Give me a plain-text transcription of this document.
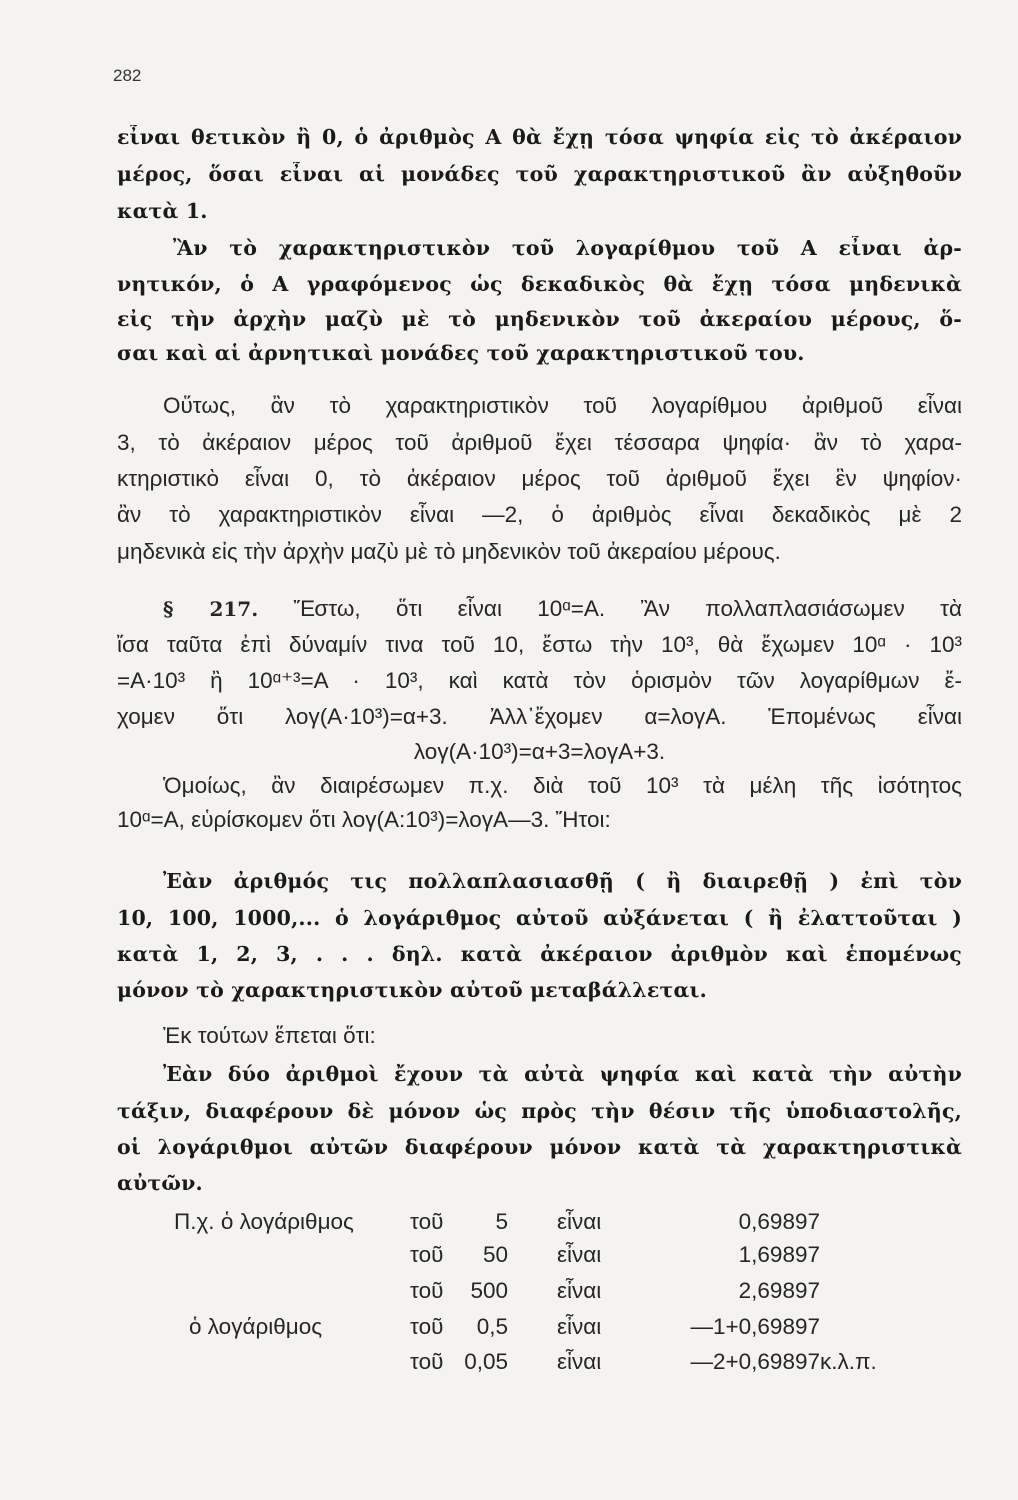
282
εἶναι θετικὸν ἢ 0, ὁ ἀριθμὸς Α θὰ ἔχῃ τόσα ψηφία εἰς τὸ ἀκέραιον
μέρος, ὅσαι εἶναι αἱ μονάδες τοῦ χαρακτηριστικοῦ ἂν αὐξηθοῦν
κατὰ 1.
Ἂν τὸ χαρακτηριστικὸν τοῦ λογαρίθμου τοῦ Α εἶναι ἀρ-
νητικόν, ὁ Α γραφόμενος ὡς δεκαδικὸς θὰ ἔχῃ τόσα μηδενικὰ
εἰς τὴν ἀρχὴν μαζὺ μὲ τὸ μηδενικὸν τοῦ ἀκεραίου μέρους, ὅ-
σαι καὶ αἱ ἀρνητικαὶ μονάδες τοῦ χαρακτηριστικοῦ του.
Οὕτως, ἂν τὸ χαρακτηριστικὸν τοῦ λογαρίθμου ἀριθμοῦ εἶναι
3, τὸ ἀκέραιον μέρος τοῦ ἀριθμοῦ ἔχει τέσσαρα ψηφία· ἂν τὸ χαρα-
κτηριστικὸ εἶναι 0, τὸ ἀκέραιον μέρος τοῦ ἀριθμοῦ ἔχει ἓν ψηφίον·
ἂν τὸ χαρακτηριστικὸν εἶναι —2, ὁ ἀριθμὸς εἶναι δεκαδικὸς μὲ 2
μηδενικὰ εἰς τὴν ἀρχὴν μαζὺ μὲ τὸ μηδενικὸν τοῦ ἀκεραίου μέρους.
§ 217. Ἔστω, ὅτι εἶναι 10ᵅ=Α. Ἂν πολλαπλασιάσωμεν τὰ
ἴσα ταῦτα ἐπὶ δύναμίν τινα τοῦ 10, ἔστω τὴν 10³, θὰ ἔχωμεν 10ᵅ · 10³
=Α·10³ ἢ 10ᵅ⁺³=Α · 10³, καὶ κατὰ τὸν ὁρισμὸν τῶν λογαρίθμων ἔ-
χομεν ὅτι λογ(Α·10³)=α+3. Ἀλλ᾽ἔχομεν α=λογΑ. Ἑπομένως εἶναι
λογ(Α·10³)=α+3=λογΑ+3.
Ὁμοίως, ἂν διαιρέσωμεν π.χ. διὰ τοῦ 10³ τὰ μέλη τῆς ἰσότητος
10ᵅ=Α, εὑρίσκομεν ὅτι λογ(Α:10³)=λογΑ—3. Ἤτοι:
Ἐὰν ἀριθμός τις πολλαπλασιασθῇ ( ἢ διαιρεθῇ ) ἐπὶ τὸν
10, 100, 1000,... ὁ λογάριθμος αὐτοῦ αὐξάνεται ( ἢ ἐλαττοῦται )
κατὰ 1, 2, 3, . . . δηλ. κατὰ ἀκέραιον ἀριθμὸν καὶ ἑπομένως
μόνον τὸ χαρακτηριστικὸν αὐτοῦ μεταβάλλεται.
Ἐκ τούτων ἕπεται ὅτι:
Ἐὰν δύο ἀριθμοὶ ἔχουν τὰ αὐτὰ ψηφία καὶ κατὰ τὴν αὐτὴν
τάξιν, διαφέρουν δὲ μόνον ὡς πρὸς τὴν θέσιν τῆς ὑποδιαστολῆς,
οἱ λογάριθμοι αὐτῶν διαφέρουν μόνον κατὰ τὰ χαρακτηριστικὰ
αὐτῶν.
Π.χ. ὁ λογάριθμος τοῦ 5 εἶναι	0,69897
τοῦ 50 εἶναι	1,69897
τοῦ 500 εἶναι	2,69897
ὁ λογάριθμος	τοῦ 0,5 εἶναι	—1+0,69897
τοῦ 0,05 εἶναι	—2+0,69897 κ.λ.π.
